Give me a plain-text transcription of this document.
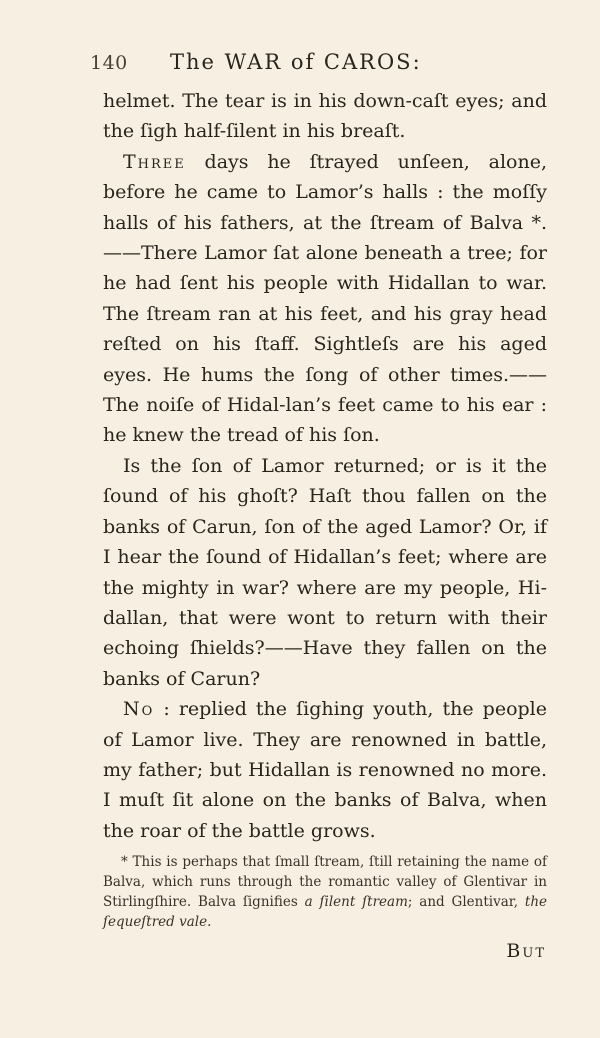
140	The WAR of CAROS:

helmet. The tear is in his down-caſt eyes; and the ſigh half-ſilent in his breaſt.

Three days he ſtrayed unſeen, alone, before he came to Lamor’s halls : the moſſy halls of his fathers, at the ſtream of Balva *.——There Lamor ſat alone beneath a tree; for he had ſent his people with Hidallan to war. The ſtream ran at his feet, and his gray head reſted on his ſtaff. Sightleſs are his aged eyes. He hums the ſong of other times.——The noiſe of Hidal-lan’s feet came to his ear : he knew the tread of his ſon.

Is the ſon of Lamor returned; or is it the ſound of his ghoſt? Haſt thou fallen on the banks of Carun, ſon of the aged Lamor? Or, if I hear the ſound of Hidallan’s feet; where are the mighty in war? where are my people, Hi-dallan, that were wont to return with their echoing ſhields?——Have they fallen on the banks of Carun?

No : replied the ſighing youth, the people of Lamor live. They are renowned in battle, my father; but Hidallan is renowned no more. I muſt ſit alone on the banks of Balva, when the roar of the battle grows.

* This is perhaps that ſmall ſtream, ſtill retaining the name of Balva, which runs through the romantic valley of Glentivar in Stirlingſhire. Balva ſignifies a ſilent ſtream; and Glentivar, the ſequeſtred vale.

But
